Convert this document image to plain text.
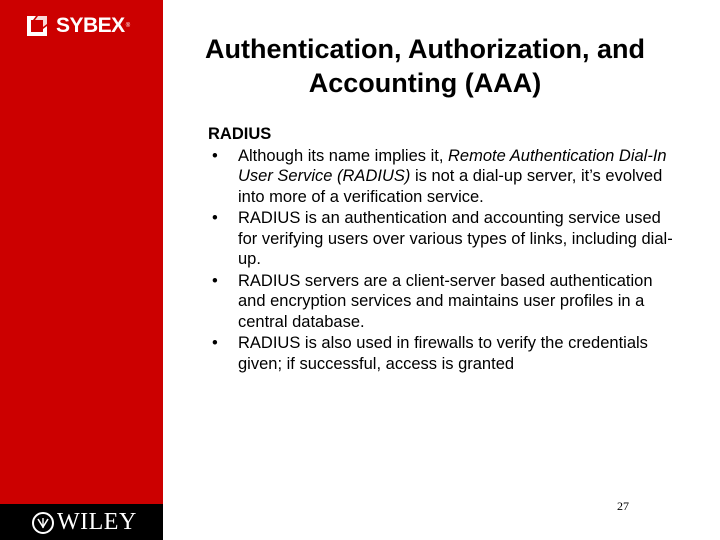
SYBEX ®
WILEY
Authentication, Authorization, and Accounting (AAA)
RADIUS
• Although its name implies it, Remote Authentication Dial-In User Service (RADIUS) is not a dial-up server, it’s evolved into more of a verification service.
• RADIUS is an authentication and accounting service used for verifying users over various types of links, including dial-up.
• RADIUS servers are a client-server based authentication and encryption services and maintains user profiles in a central database.
• RADIUS is also used in firewalls to verify the credentials given; if successful, access is granted
27
